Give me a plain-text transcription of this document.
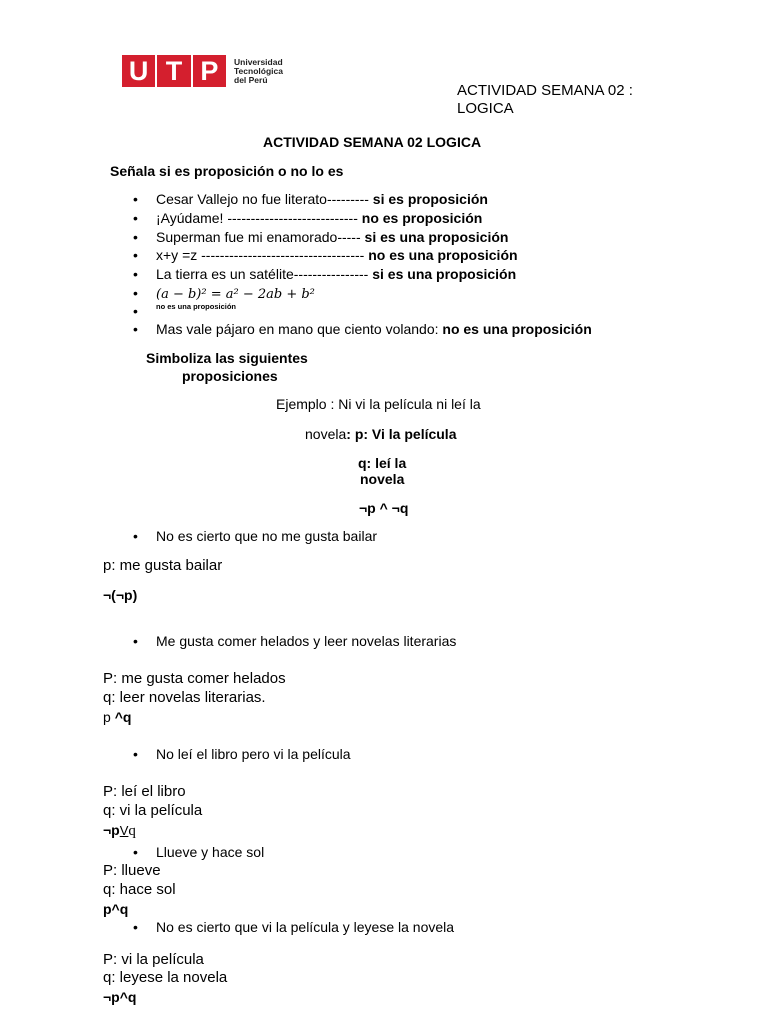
U T P	Universidad
Tecnológica
del Perú
ACTIVIDAD SEMANA 02 :
LOGICA
ACTIVIDAD SEMANA 02 LOGICA
Señala si es proposición o no lo es
• Cesar Vallejo no fue literato--------- si es proposición
• ¡Ayúdame! ---------------------------- no es proposición
• Superman fue mi enamorado----- si es una proposición
• x+y =z ----------------------------------- no es una proposición
• La tierra es un satélite---------------- si es una proposición
• (a − b)² = a² − 2ab + b²
• $^{no es una proposición}$
• Mas vale pájaro en mano que ciento volando: no es una proposición
Simboliza las siguientes
proposiciones
Ejemplo : Ni vi la película ni leí la
novela: p: Vi la película
q: leí la
novela
¬p ^ ¬q
• No es cierto que no me gusta bailar
p: me gusta bailar
¬(¬p)
• Me gusta comer helados y leer novelas literarias
P: me gusta comer helados
q: leer novelas literarias.
p ^q
• No leí el libro pero vi la película
P: leí el libro
q: vi la película
¬pVq
• Llueve y hace sol
P: llueve
q: hace sol
p^q
• No es cierto que vi la película y leyese la novela
P: vi la película
q: leyese la novela
¬p^q
